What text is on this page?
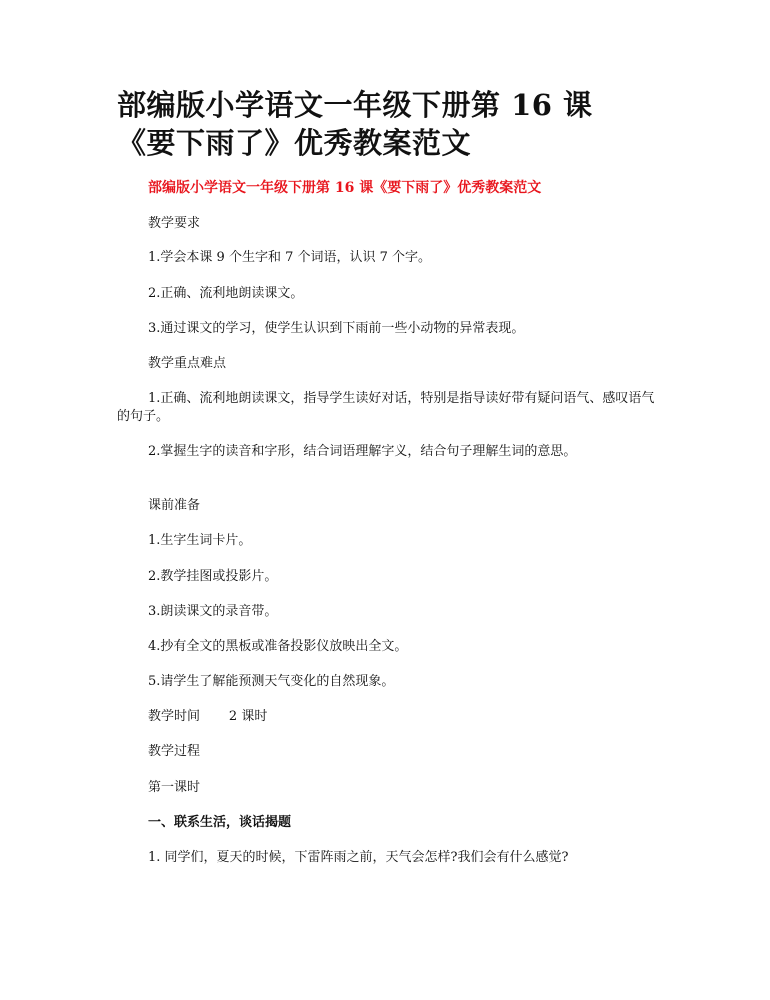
部编版小学语文一年级下册第 16 课
《要下雨了》优秀教案范文

部编版小学语文一年级下册第 16 课《要下雨了》优秀教案范文

教学要求

1.学会本课 9 个生字和 7 个词语，认识 7 个字。

2.正确、流利地朗读课文。

3.通过课文的学习，使学生认识到下雨前一些小动物的异常表现。

教学重点难点

1.正确、流利地朗读课文，指导学生读好对话，特别是指导读好带有疑问语气、感叹语气的句子。

2.掌握生字的读音和字形，结合词语理解字义，结合句子理解生词的意思。

课前准备

1.生字生词卡片。

2.教学挂图或投影片。

3.朗读课文的录音带。

4.抄有全文的黑板或准备投影仪放映出全文。

5.请学生了解能预测天气变化的自然现象。

教学时间       2 课时

教学过程

第一课时

一、联系生活，谈话揭题

1. 同学们，夏天的时候，下雷阵雨之前，天气会怎样?我们会有什么感觉?
